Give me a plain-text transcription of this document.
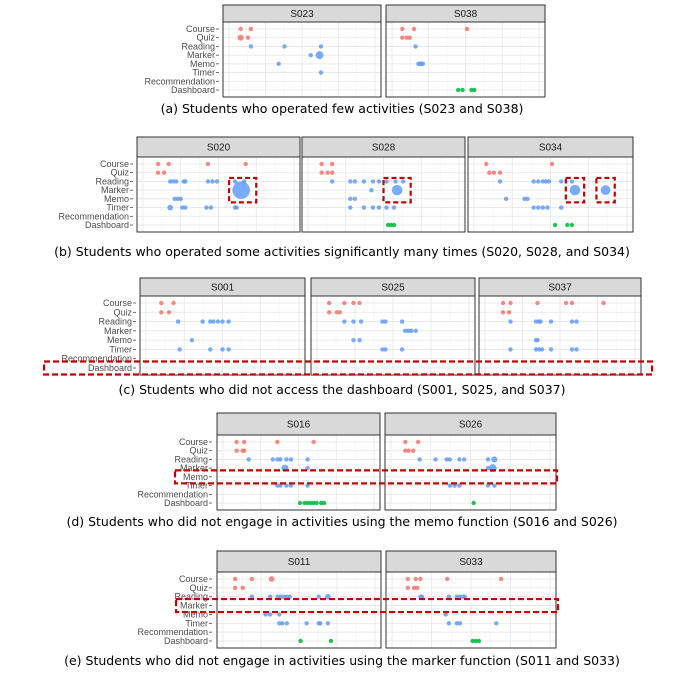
Course
Quiz
Reading
Marker
Memo
Timer
Recommendation
Dashboard
S023	S038
(a) Students who operated few activities (S023 and S038)
Course
Quiz
Reading
Marker
Memo
Timer
Recommendation
Dashboard
S020	S028	S034
(b) Students who operated some activities significantly many times (S020, S028, and S034)
Course
Quiz
Reading
Marker
Memo
Timer
Recommendation
Dashboard
S001	S025	S037
(c) Students who did not access the dashboard (S001, S025, and S037)
Course
Quiz
Reading
Marker
Memo
Timer
Recommendation
Dashboard
S016	S026
(d) Students who did not engage in activities using the memo function (S016 and S026)
Course
Quiz
Reading
Marker
Memo
Timer
Recommendation
Dashboard
S011	S033
(e) Students who did not engage in activities using the marker function (S011 and S033)
